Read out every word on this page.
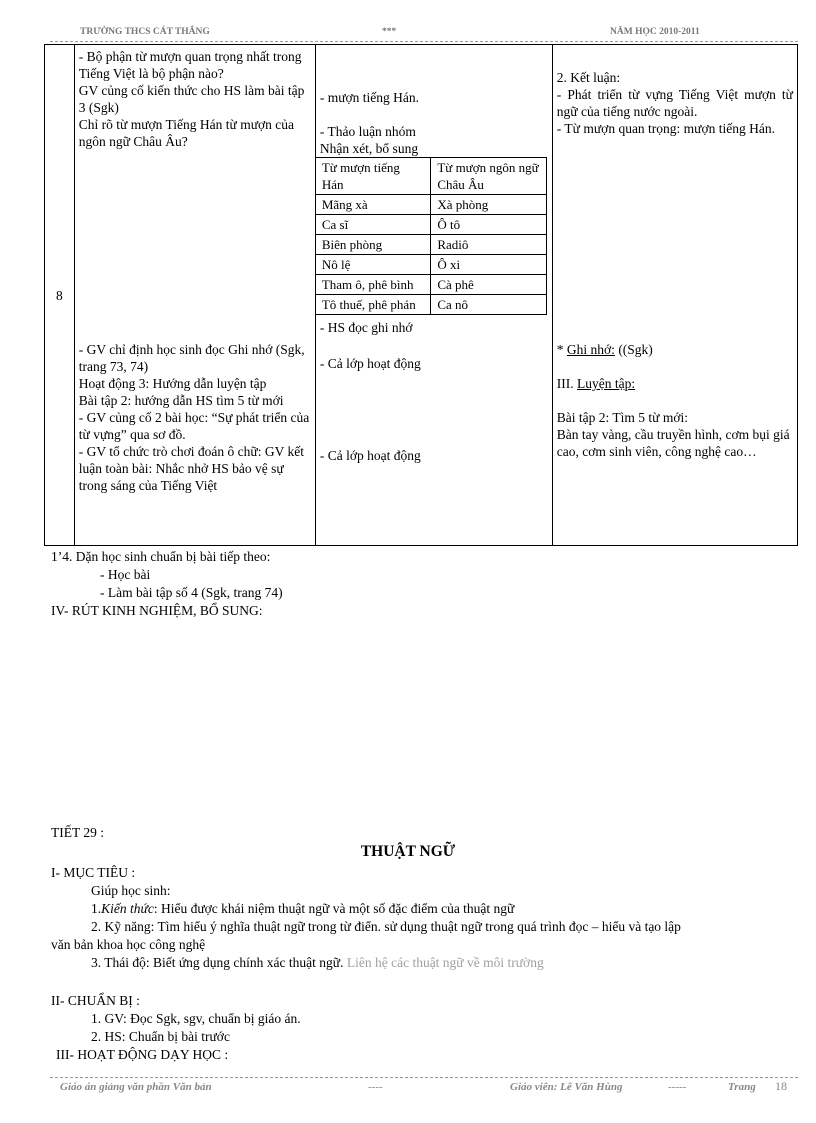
TRƯỜNG THCS CÁT THẮNG	***	NĂM HỌC 2010-2011
8	

- Bộ phận từ mượn quan trọng nhất trong Tiếng Việt là bộ phận nào?

GV củng cố kiến thức cho HS làm bài tập 3 (Sgk)

Chỉ rõ từ mượn Tiếng Hán từ mượn của ngôn ngữ Châu Âu?

- GV chỉ định học sinh đọc Ghi nhớ (Sgk, trang 73, 74)

Hoạt động 3: Hướng dẫn luyện tập

Bài tập 2: hướng dẫn HS tìm 5 từ mới

- GV củng cố 2 bài học: “Sự phát triển của từ vựng” qua sơ đồ.

- GV tổ chức trò chơi đoán ô chữ: GV kết luận toàn bài: Nhắc nhở HS bảo vệ sự trong sáng của Tiếng Việt

- mượn tiếng Hán.
- Thảo luận nhóm
Nhận xét, bổ sung
Từ mượn tiếng Hán	Từ mượn ngôn ngữ Châu Âu
Mãng xà	Xà phòng
Ca sĩ	Ô tô
Biên phòng	Radiô
Nô lệ	Ô xi
Tham ô, phê bình	Cà phê
Tô thuế, phê phán	Ca nô
- HS đọc ghi nhớ
- Cả lớp hoạt động
- Cả lớp hoạt động

2. Kết luận:
- Phát triển từ vựng Tiếng Việt mượn từ ngữ của tiếng nước ngoài.
- Từ mượn quan trọng: mượn tiếng Hán.
* Ghi nhớ: ((Sgk)
III. Luyện tập:
Bài tập 2: Tìm 5 từ mới:
Bàn tay vàng, cầu truyền hình, cơm bụi giá cao, cơm sinh viên, công nghệ cao…
1’4. Dặn học sinh chuẩn bị bài tiếp theo:
- Học bài
- Làm bài tập số 4 (Sgk, trang 74)
IV- RÚT KINH NGHIỆM, BỔ SUNG:
TIẾT 29 :
THUẬT NGỮ
I- MỤC TIÊU :
Giúp học sinh:
1.Kiến thức: Hiểu được khái niệm thuật ngữ và một số đặc điểm của thuật ngữ
2. Kỹ năng: Tìm hiểu ý nghĩa thuật ngữ trong từ điển. sử dụng thuật ngữ trong quá trình đọc – hiểu và tạo lập
văn bản khoa học công nghệ
3. Thái độ: Biết ứng dụng chính xác thuật ngữ. Liên hệ các thuật ngữ về môi trường
II- CHUẨN BỊ :
1. GV: Đọc Sgk, sgv, chuẩn bị giáo án.
2. HS: Chuẩn bị bài trước
III- HOẠT ĐỘNG DẠY HỌC :
Giáo án giảng văn phần Văn bản	----	Giáo viên: Lê Văn Hùng	-----	Trang 18
